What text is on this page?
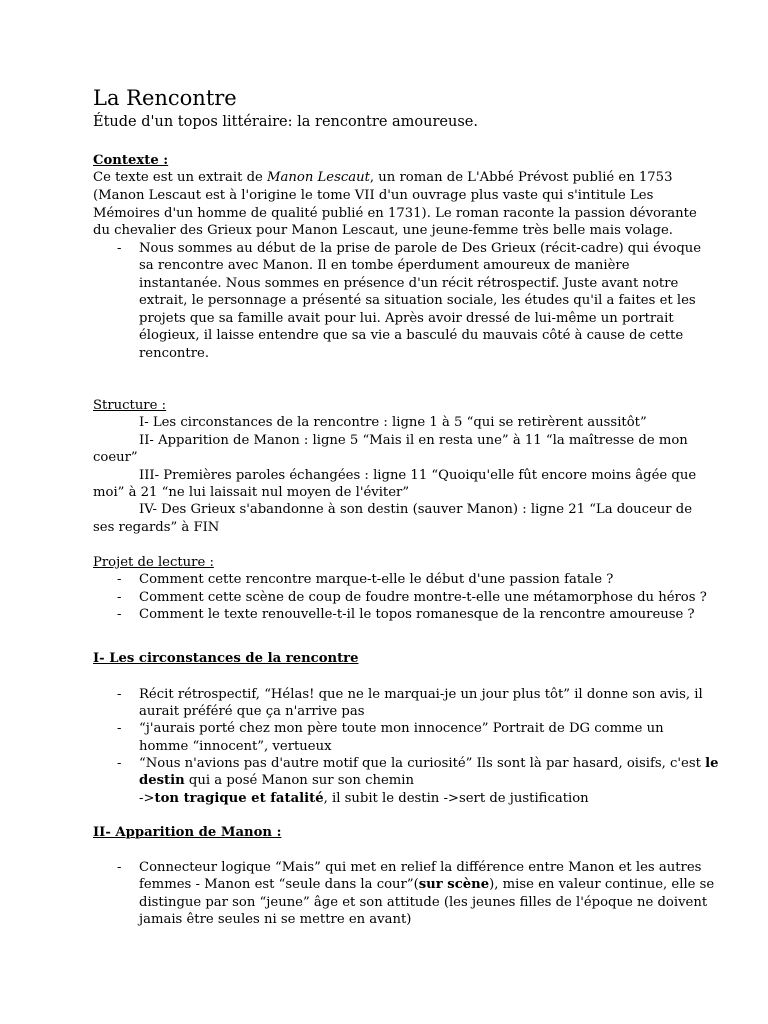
La Rencontre
Étude d'un topos littéraire: la rencontre amoureuse.
Contexte :
Ce texte est un extrait de Manon Lescaut, un roman de L'Abbé Prévost publié en 1753
(Manon Lescaut est à l'origine le tome VII d'un ouvrage plus vaste qui s'intitule Les
Mémoires d'un homme de qualité publié en 1731). Le roman raconte la passion dévorante
du chevalier des Grieux pour Manon Lescaut, une jeune-femme très belle mais volage.
- Nous sommes au début de la prise de parole de Des Grieux (récit-cadre) qui évoque
sa rencontre avec Manon. Il en tombe éperdument amoureux de manière
instantanée. Nous sommes en présence d'un récit rétrospectif. Juste avant notre
extrait, le personnage a présenté sa situation sociale, les études qu'il a faites et les
projets que sa famille avait pour lui. Après avoir dressé de lui-même un portrait
élogieux, il laisse entendre que sa vie a basculé du mauvais côté à cause de cette
rencontre.
Structure :
I- Les circonstances de la rencontre : ligne 1 à 5 “qui se retirèrent aussitôt”
II- Apparition de Manon : ligne 5 “Mais il en resta une” à 11 “la maîtresse de mon
coeur”
III- Premières paroles échangées : ligne 11 “Quoiqu'elle fût encore moins âgée que
moi” à 21 “ne lui laissait nul moyen de l'éviter”
IV- Des Grieux s'abandonne à son destin (sauver Manon) : ligne 21 “La douceur de
ses regards” à FIN
Projet de lecture :
- Comment cette rencontre marque-t-elle le début d'une passion fatale ?
- Comment cette scène de coup de foudre montre-t-elle une métamorphose du héros ?
- Comment le texte renouvelle-t-il le topos romanesque de la rencontre amoureuse ?
I- Les circonstances de la rencontre
- Récit rétrospectif, “Hélas! que ne le marquai-je un jour plus tôt” il donne son avis, il
aurait préféré que ça n'arrive pas
- “j'aurais porté chez mon père toute mon innocence” Portrait de DG comme un
homme “innocent”, vertueux
- “Nous n'avions pas d'autre motif que la curiosité” Ils sont là par hasard, oisifs, c'est le
destin qui a posé Manon sur son chemin
->ton tragique et fatalité, il subit le destin ->sert de justification
II- Apparition de Manon :
- Connecteur logique “Mais” qui met en relief la différence entre Manon et les autres
femmes - Manon est “seule dans la cour”(sur scène), mise en valeur continue, elle se
distingue par son “jeune” âge et son attitude (les jeunes filles de l'époque ne doivent
jamais être seules ni se mettre en avant)
